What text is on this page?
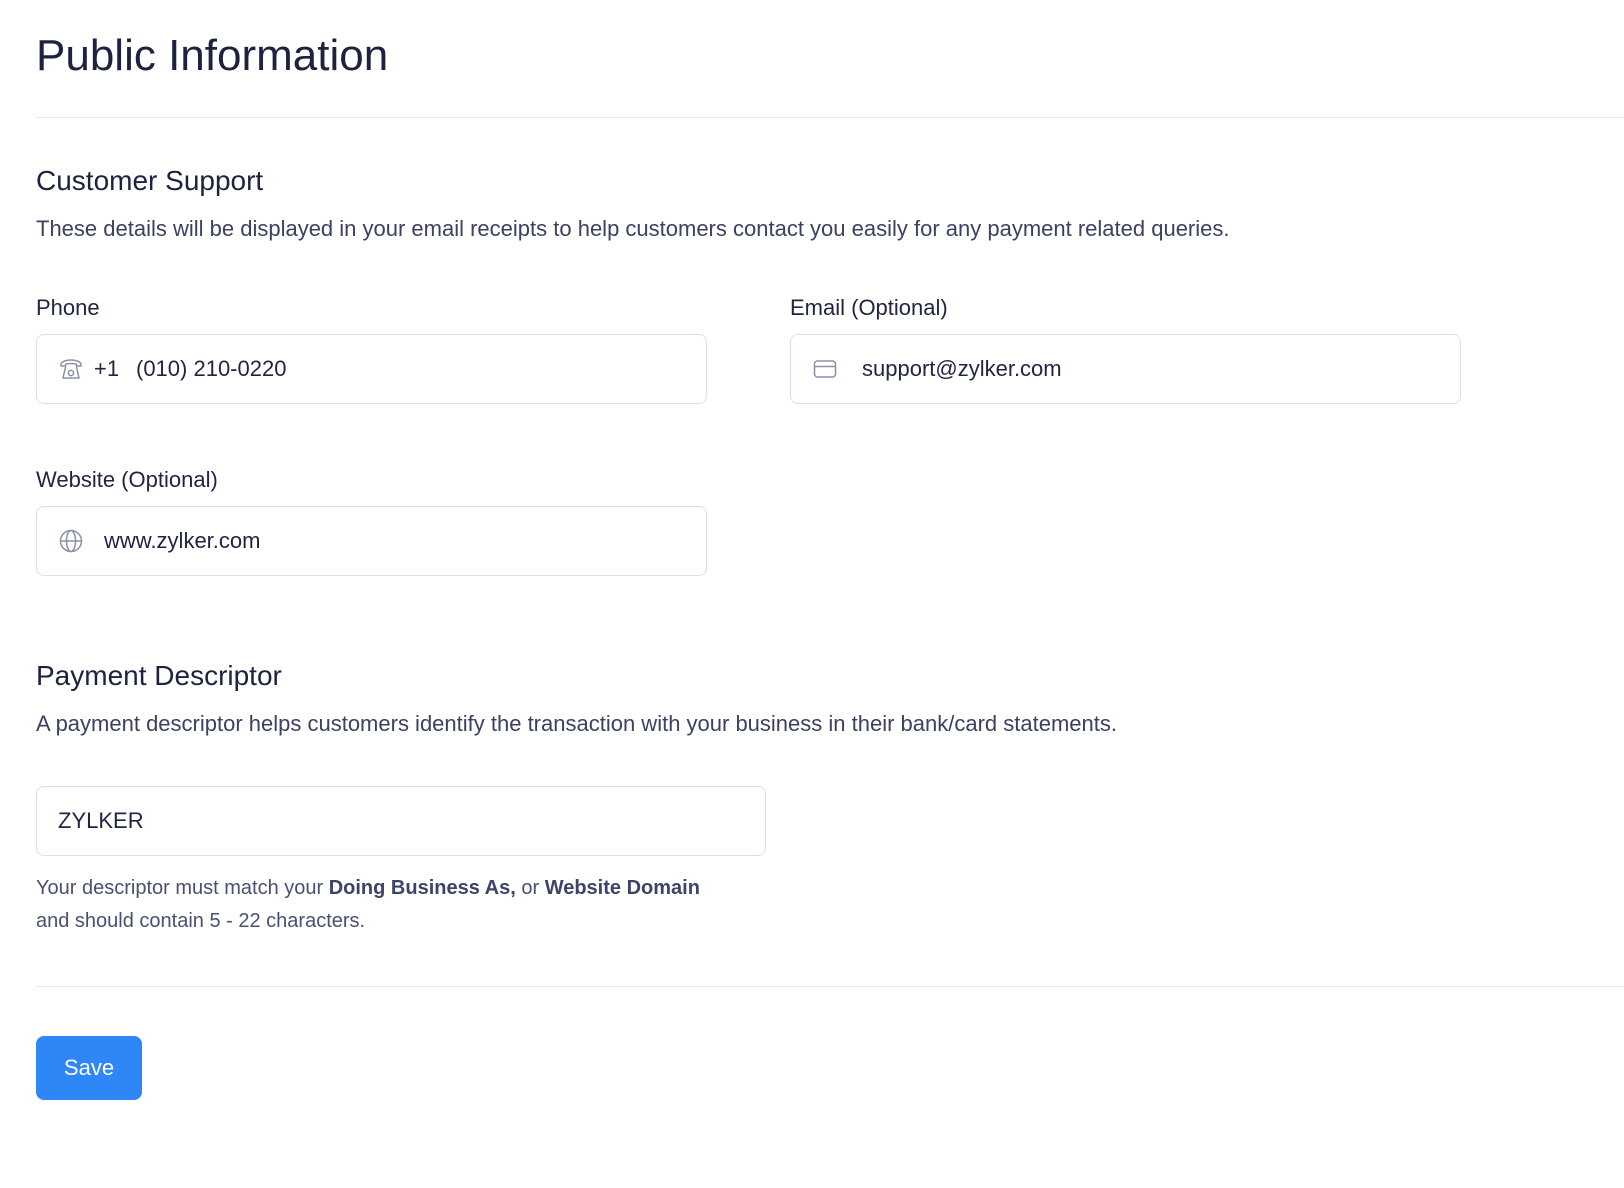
Public Information
Customer Support

These details will be displayed in your email receipts to help customers contact you easily for any payment related queries.

Phone
+1 (010) 210-0220
Email (Optional)
support@zylker.com
Website (Optional)
www.zylker.com
Payment Descriptor

A payment descriptor helps customers identify the transaction with your business in their bank/card statements.

ZYLKER
Your descriptor must match your Doing Business As, or Website Domain
and should contain 5 - 22 characters.
Save
